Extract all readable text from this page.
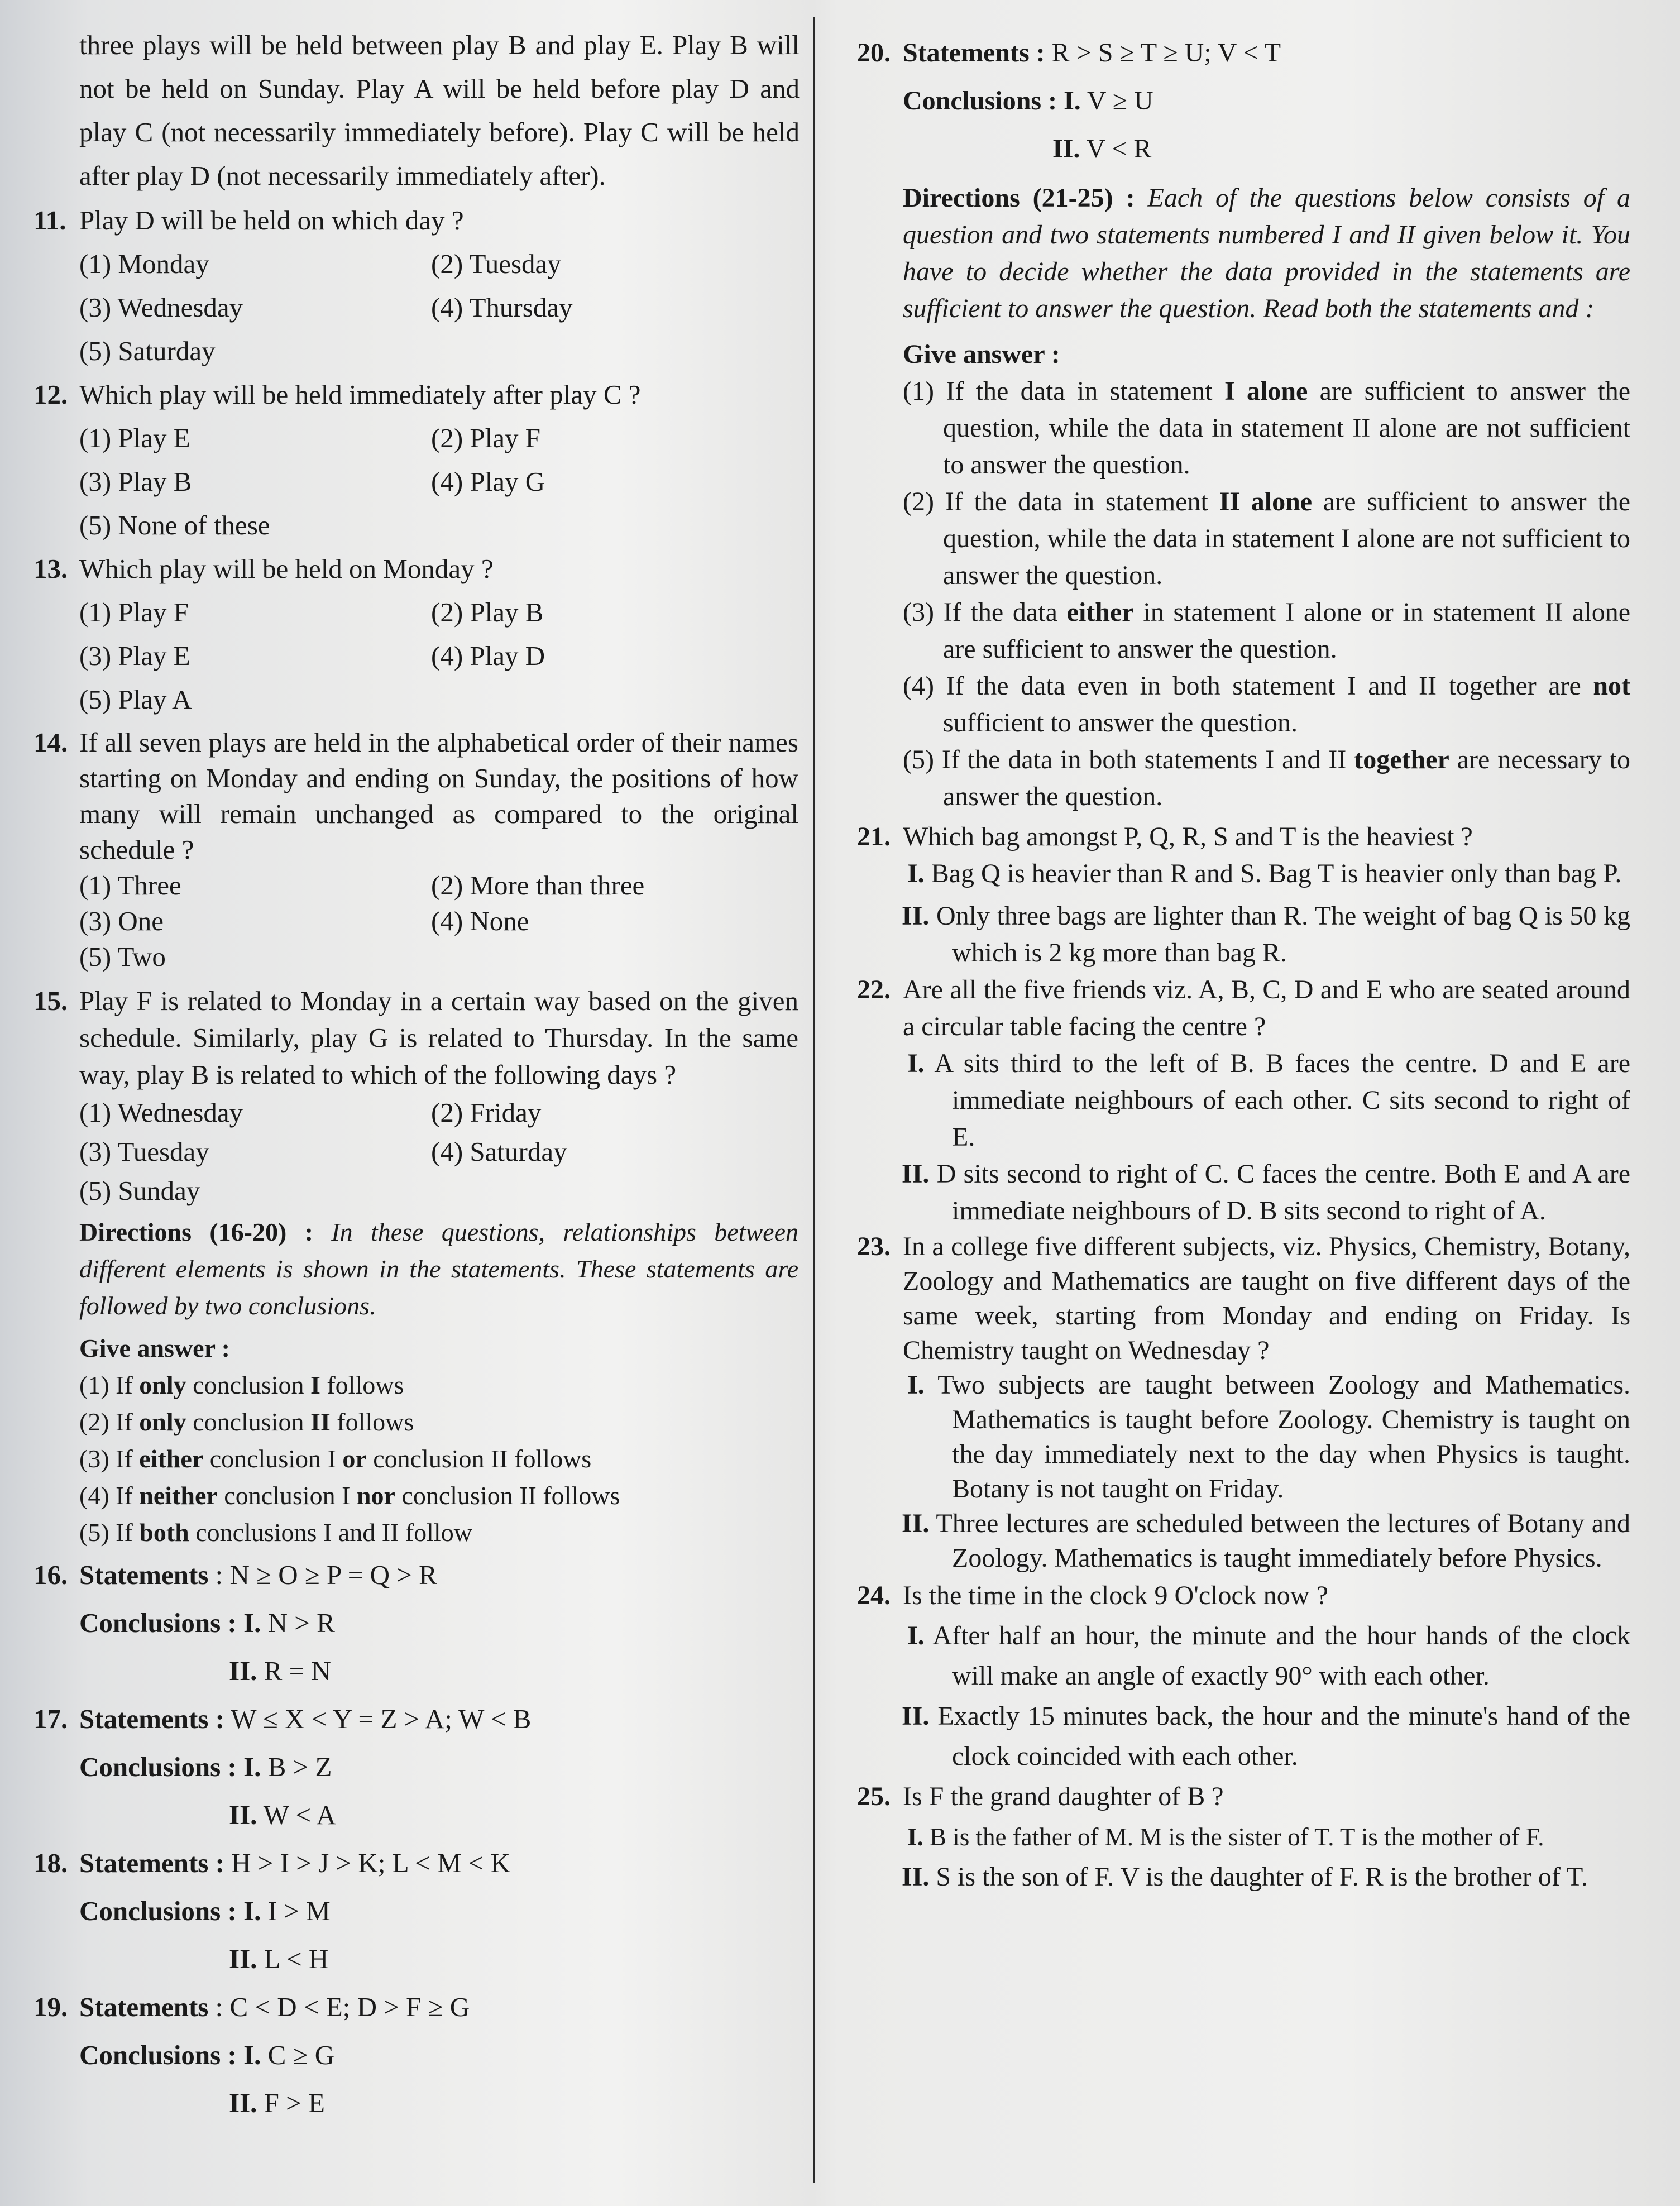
three plays will be held between play B and play E. Play B will not be held on Sunday. Play A will be held before play D and play C (not necessarily immediately before). Play C will be held after play D (not necessarily immediately after).

11. Play D will be held on which day ?

(1) Monday	(2) Tuesday
(3) Wednesday	(4) Thursday
(5) Saturday
12. Which play will be held immediately after play C ?

(1) Play E	(2) Play F
(3) Play B	(4) Play G
(5) None of these
13. Which play will be held on Monday ?

(1) Play F	(2) Play B
(3) Play E	(4) Play D
(5) Play A
14. If all seven plays are held in the alphabetical order of their names starting on Monday and ending on Sunday, the positions of how many will remain unchanged as compared to the original schedule ?

(1) Three	(2) More than three
(3) One	(4) None
(5) Two
15. Play F is related to Monday in a certain way based on the given schedule. Similarly, play G is related to Thursday. In the same way, play B is related to which of the following days ?

(1) Wednesday	(2) Friday
(3) Tuesday	(4) Saturday
(5) Sunday

Directions (16-20) : In these questions, relationships between different elements is shown in the statements. These statements are followed by two conclusions.

Give answer :

(1) If only conclusion I follows

(2) If only conclusion II follows

(3) If either conclusion I or conclusion II follows

(4) If neither conclusion I nor conclusion II follows

(5) If both conclusions I and II follow

16. Statements : N ≥ O ≥ P = Q > R

Conclusions : I. N > R

II. R = N

17. Statements : W ≤ X < Y = Z > A; W < B

Conclusions : I. B > Z

II. W < A

18. Statements : H > I > J > K; L < M < K

Conclusions : I. I > M

II. L < H

19. Statements : C < D < E; D > F ≥ G

Conclusions : I. C ≥ G

II. F > E

20. Statements : R > S ≥ T ≥ U; V < T

Conclusions : I. V ≥ U

II. V < R

Directions (21-25) : Each of the questions below consists of a question and two statements numbered I and II given below it. You have to decide whether the data provided in the statements are sufficient to answer the question. Read both the statements and :

Give answer :

(1) If the data in statement I alone are sufficient to answer the question, while the data in statement II alone are not sufficient to answer the question.

(2) If the data in statement II alone are sufficient to answer the question, while the data in statement I alone are not sufficient to answer the question.

(3) If the data either in statement I alone or in statement II alone are sufficient to answer the question.

(4) If the data even in both statement I and II together are not sufficient to answer the question.

(5) If the data in both statements I and II together are necessary to answer the question.

21. Which bag amongst P, Q, R, S and T is the heaviest ?

I. Bag Q is heavier than R and S. Bag T is heavier only than bag P.

II. Only three bags are lighter than R. The weight of bag Q is 50 kg which is 2 kg more than bag R.

22. Are all the five friends viz. A, B, C, D and E who are seated around a circular table facing the centre ?

I. A sits third to the left of B. B faces the centre. D and E are immediate neighbours of each other. C sits second to right of E.

II. D sits second to right of C. C faces the centre. Both E and A are immediate neighbours of D. B sits second to right of A.

23. In a college five different subjects, viz. Physics, Chemistry, Botany, Zoology and Mathematics are taught on five different days of the same week, starting from Monday and ending on Friday. Is Chemistry taught on Wednesday ?

I. Two subjects are taught between Zoology and Mathematics. Mathematics is taught before Zoology. Chemistry is taught on the day immediately next to the day when Physics is taught. Botany is not taught on Friday.

II. Three lectures are scheduled between the lectures of Botany and Zoology. Mathematics is taught immediately before Physics.

24. Is the time in the clock 9 O'clock now ?

I. After half an hour, the minute and the hour hands of the clock will make an angle of exactly 90° with each other.

II. Exactly 15 minutes back, the hour and the minute's hand of the clock coincided with each other.

25. Is F the grand daughter of B ?

I. B is the father of M. M is the sister of T. T is the mother of F.

II. S is the son of F. V is the daughter of F. R is the brother of T.
